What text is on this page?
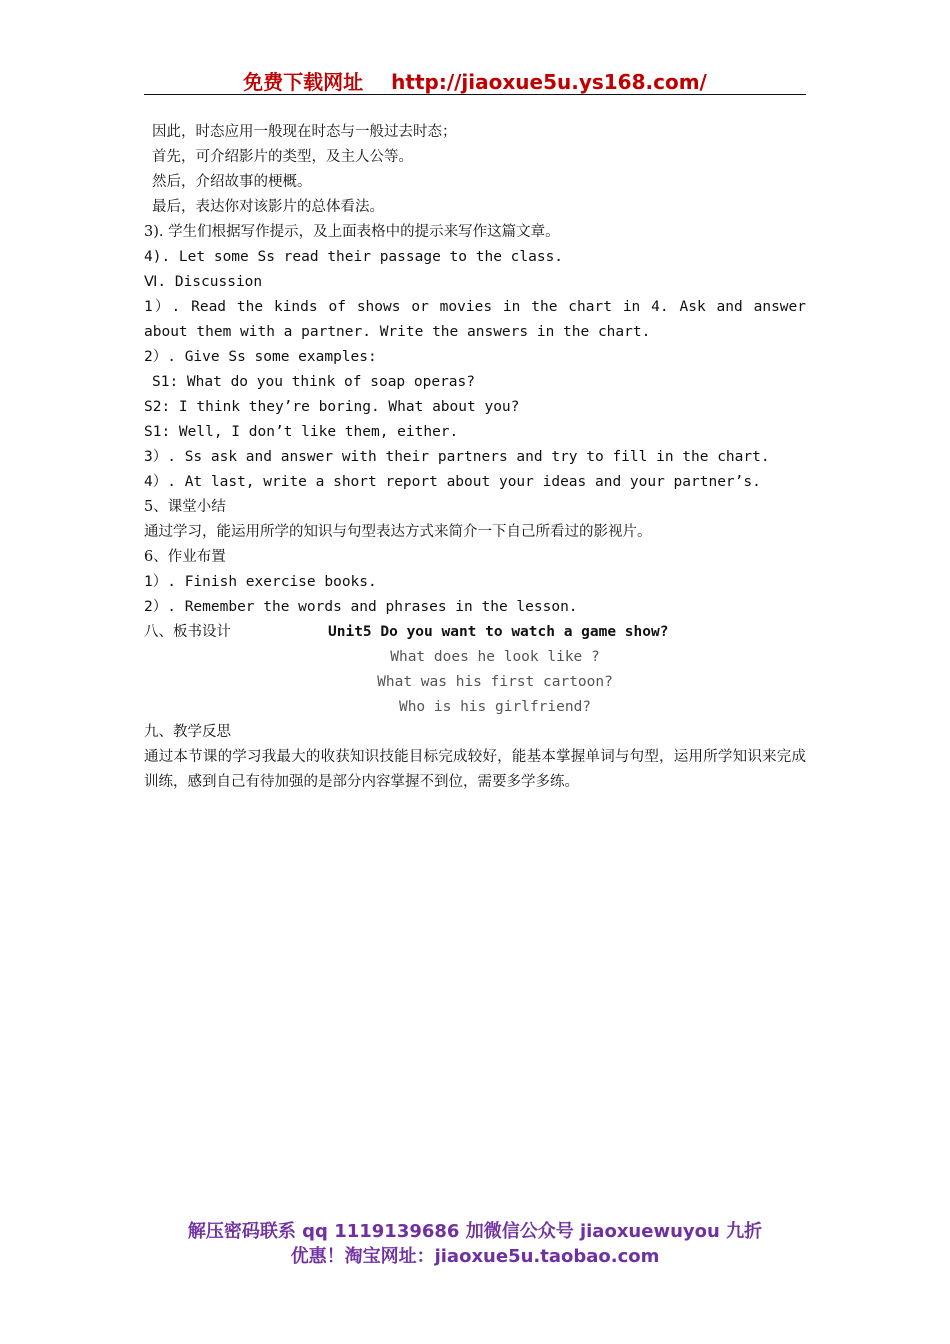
免费下载网址 http://jiaoxue5u.ys168.com/
因此，时态应用一般现在时态与一般过去时态；
首先，可介绍影片的类型，及主人公等。
然后，介绍故事的梗概。
最后，表达你对该影片的总体看法。
3). 学生们根据写作提示，及上面表格中的提示来写作这篇文章。
4). Let some Ss read their passage to the class.
Ⅵ. Discussion
1）. Read the kinds of shows or movies in the chart in 4. Ask and answer about them with a partner. Write the answers in the chart.
2）. Give Ss some examples:
S1: What do you think of soap operas?
S2: I think they’re boring. What about you?
S1: Well, I don’t like them, either.
3）. Ss ask and answer with their partners and try to fill in the chart.
4）. At last, write a short report about your ideas and your partner’s.
5、课堂小结
通过学习，能运用所学的知识与句型表达方式来简介一下自己所看过的影视片。
6、作业布置
1）. Finish exercise books.
2）. Remember the words and phrases in the lesson.
八、板书设计	Unit5 Do you want to watch a game show?
What does he look like ?
What was his first cartoon?
Who is his girlfriend?
九、教学反思
通过本节课的学习我最大的收获知识技能目标完成较好，能基本掌握单词与句型，运用所学知识来完成训练，感到自己有待加强的是部分内容掌握不到位，需要多学多练。
解压密码联系 qq 1119139686 加微信公众号 jiaoxuewuyou 九折
优惠！淘宝网址：jiaoxue5u.taobao.com
